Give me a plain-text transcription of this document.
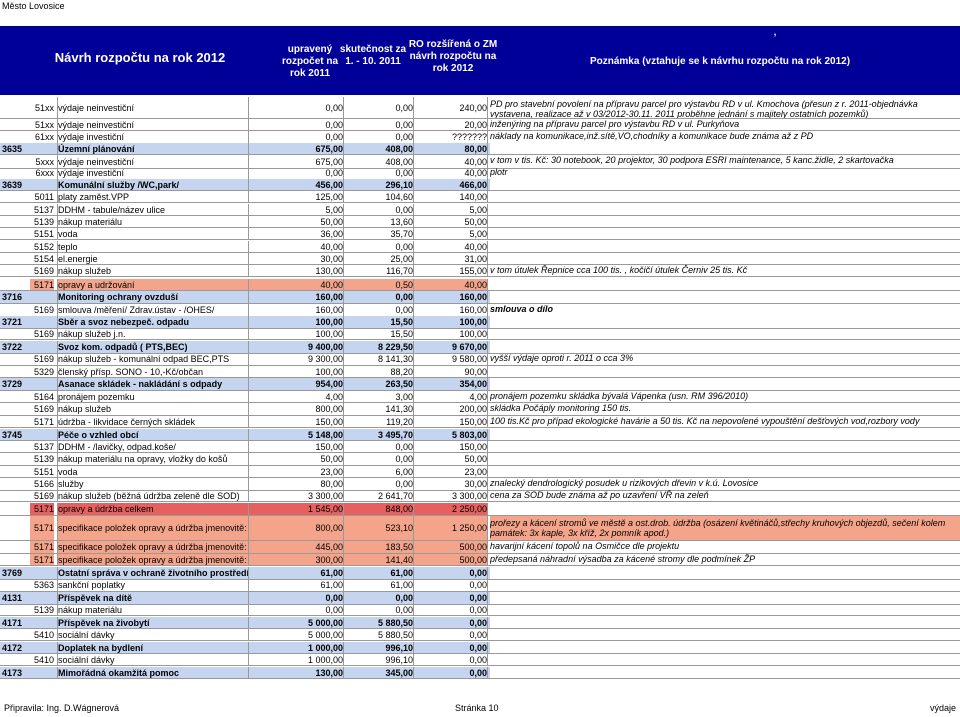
Město Lovosice
Návrh rozpočtu na rok 2012
upravený rozpočet na rok 2011
skutečnost za 1. - 10. 2011
RO rozšířená o ZM návrh rozpočtu na rok 2012
Poznámka (vztahuje se k návrhu rozpočtu na rok 2012)
,
51xx výdaje neinvestiční	0,00	0,00	240,00 PD pro stavební povolení na přípravu parcel pro výstavbu RD v ul. Kmochova (přesun z r. 2011-objednávka
vystavena, realizace až v 03/2012-30.11. 2011 proběhne jednání s majitely ostatních pozemků)
51xx výdaje neinvestiční	0,00	0,00	20,00 inženýring na přípravu parcel pro výstavbu RD v ul. Purkyňova
61xx výdaje investiční	0,00	0,00	??????? náklady na komunikace,inž.sítě,VO,chodníky a komunikace bude známa až z PD
3635	Územní plánování	675,00	408,00	80,00
5xxx výdaje neinvestiční	675,00	408,00	40,00 v tom v tis. Kč: 30 notebook, 20 projektor, 30 podpora ESRI maintenance, 5 kanc.židle, 2 skartovačka
6xxx výdaje investiční	0,00	0,00	40,00 plotr
3639	Komunální služby /WC,park/	456,00	296,10	466,00
5011 platy zaměst.VPP	125,00	104,60	140,00
5137 DDHM - tabule/název ulice	5,00	0,00	5,00
5139 nákup materiálu	50,00	13,60	50,00
5151 voda	36,00	35,70	5,00
5152 teplo	40,00	0,00	40,00
5154 el.energie	30,00	25,00	31,00
5169 nákup služeb	130,00	116,70	155,00 v tom útulek Řepnice cca 100 tis. , kočičí útulek Černiv 25 tis. Kč
5171 opravy a udržování	40,00	0,50	40,00
3716	Monitoring ochrany ovzduší	160,00	0,00	160,00
5169 smlouva /měření/ Zdrav.ústav - /OHES/	160,00	0,00	160,00 smlouva o dílo
3721	Sběr a svoz nebezpeč. odpadu	100,00	15,50	100,00
5169 nákup služeb j.n.	100,00	15,50	100,00
3722	Svoz kom. odpadů ( PTS,BEC)	9 400,00	8 229,50	9 670,00
5169 nákup služeb - komunální odpad BEC,PTS	9 300,00	8 141,30	9 580,00 vyšší výdaje oproti r. 2011 o cca 3%
5329 členský přísp. SONO - 10,-Kč/občan	100,00	88,20	90,00
3729	Asanace skládek - nakládání s odpady	954,00	263,50	354,00
5164 pronájem pozemku	4,00	3,00	4,00 pronájem pozemku skládka bývalá Vápenka (usn. RM 396/2010)
5169 nákup služeb	800,00	141,30	200,00 skládka Počáply monitoring 150 tis.
5171 údržba - likvidace černých skládek	150,00	119,20	150,00 100 tis.Kč pro případ ekologické havárie a 50 tis. Kč na nepovolené vypouštění dešťových vod,rozbory vody
3745	Péče o vzhled obcí	5 148,00	3 495,70	5 803,00
5137 DDHM - /lavičky, odpad.koše/	150,00	0,00	150,00
5139 nákup materiálu na opravy, vložky do košů	50,00	0,00	50,00
5151 voda	23,00	6,00	23,00
5166 služby	80,00	0,00	30,00 znalecký dendrologický posudek u rizikových dřevin v k.ú. Lovosice
5169 nákup služeb (běžná údržba zeleně dle SOD)	3 300,00	2 641,70	3 300,00 cena za SOD bude známa až po uzavření VŘ na zeleň
5171 opravy a údržba celkem	1 545,00	848,00	2 250,00
5171 specifikace položek opravy a údržba jmenovitě:	800,00	523,10	1 250,00 prořezy a kácení stromů ve městě a ost.drob. údržba (osázení květináčů,střechy kruhových objezdů, sečení kolem
památek: 3x kaple, 3x kříž, 2x pomník apod.)
5171 specifikace položek opravy a údržba jmenovitě:	445,00	183,50	500,00 havarijní kácení topolů na Osmičce dle projektu
5171 specifikace položek opravy a údržba jmenovitě:	300,00	141,40	500,00 předepsaná náhradní výsadba za kácené stromy dle podmínek ŽP
3769	Ostatní správa v ochraně životního prostředí	61,00	61,00	0,00
5363 sankční poplatky	61,00	61,00	0,00
4131	Příspěvek na dítě	0,00	0,00	0,00
5139 nákup materiálu	0,00	0,00	0,00
4171	Příspěvek na živobytí	5 000,00	5 880,50	0,00
5410 sociální dávky	5 000,00	5 880,50	0,00
4172	Doplatek na bydlení	1 000,00	996,10	0,00
5410 sociální dávky	1 000,00	996,10	0,00
4173	Mimořádná okamžitá pomoc	130,00	345,00	0,00
Připravila: Ing. D.Wágnerová	Stránka 10	výdaje
